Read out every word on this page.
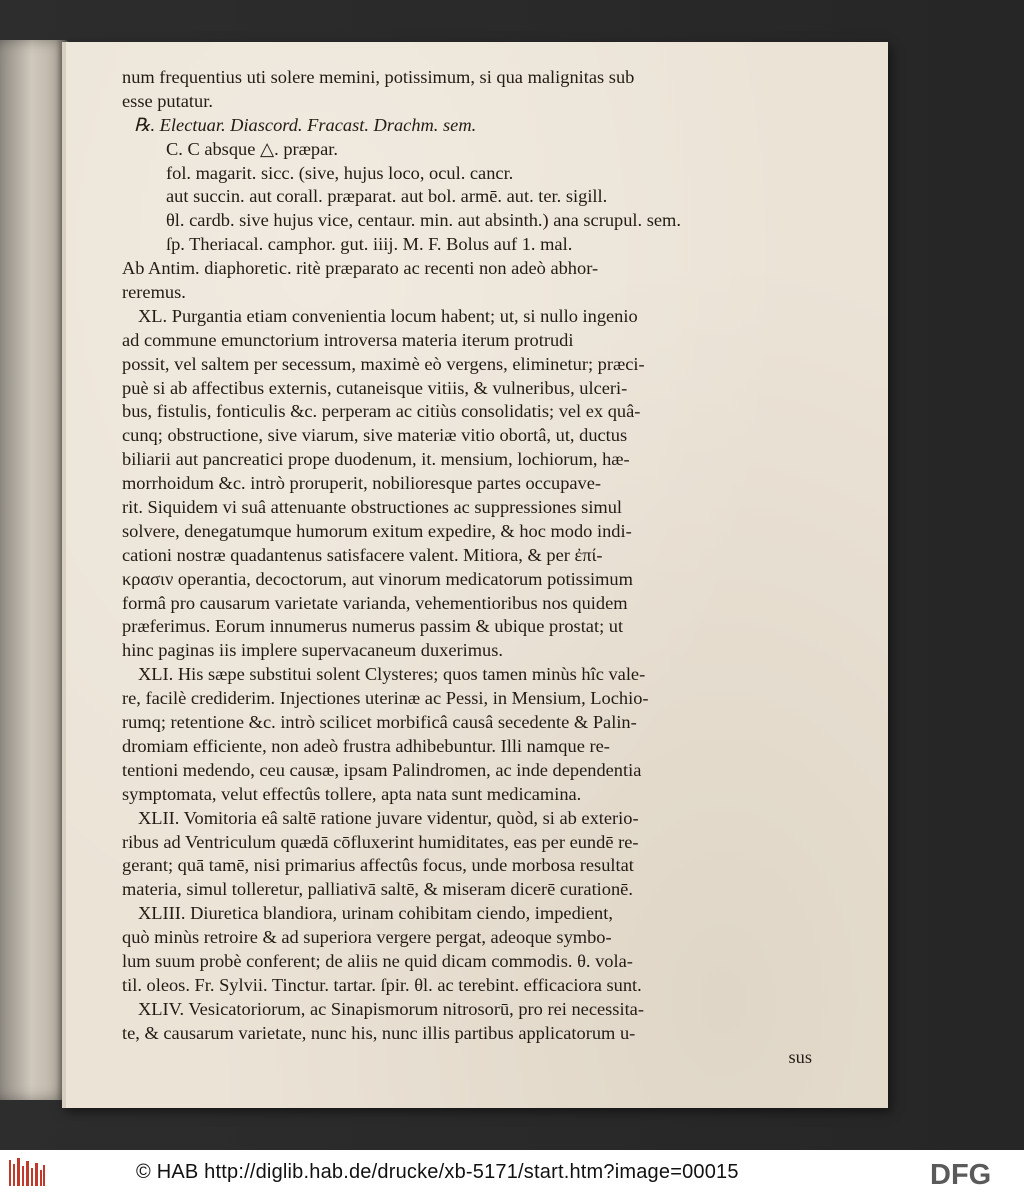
num frequentius uti solere memini, potissimum, si qua malignitas sub
esse putatur.
℞. Electuar. Diascord. Fracast. Drachm. sem.
C. C absque △. præpar.
fol. magarit. sicc. (sive, hujus loco, ocul. cancr.
aut succin. aut corall. præparat. aut bol. armē. aut. ter. sigill.
θl. cardb. sive hujus vice, centaur. min. aut absinth.) ana scrupul. sem.
ſp. Theriacal. camphor. gut. iiij. M. F. Bolus auf 1. mal.
Ab Antim. diaphoretic. ritè præparato ac recenti non adeò abhor-
reremus.
XL. Purgantia etiam convenientia locum habent; ut, si nullo ingenio
ad commune emunctorium introversa materia iterum protrudi
possit, vel saltem per secessum, maximè eò vergens, eliminetur; præci-
puè si ab affectibus externis, cutaneisque vitiis, & vulneribus, ulceri-
bus, fistulis, fonticulis &c. perperam ac citiùs consolidatis; vel ex quâ-
cunq; obstructione, sive viarum, sive materiæ vitio obortâ, ut, ductus
biliarii aut pancreatici prope duodenum, it. mensium, lochiorum, hæ-
morrhoidum &c. intrò proruperit, nobilioresque partes occupave-
rit. Siquidem vi suâ attenuante obstructiones ac suppressiones simul
solvere, denegatumque humorum exitum expedire, & hoc modo indi-
cationi nostræ quadantenus satisfacere valent. Mitiora, & per ἐπί-
κρασιν operantia, decoctorum, aut vinorum medicatorum potissimum
formâ pro causarum varietate varianda, vehementioribus nos quidem
præferimus. Eorum innumerus numerus passim & ubique prostat; ut
hinc paginas iis implere supervacaneum duxerimus.
XLI. His sæpe substitui solent Clysteres; quos tamen minùs hîc vale-
re, facilè crediderim. Injectiones uterinæ ac Pessi, in Mensium, Lochio-
rumq; retentione &c. intrò scilicet morbificâ causâ secedente & Palin-
dromiam efficiente, non adeò frustra adhibebuntur. Illi namque re-
tentioni medendo, ceu causæ, ipsam Palindromen, ac inde dependentia
symptomata, velut effectûs tollere, apta nata sunt medicamina.
XLII. Vomitoria eâ saltē ratione juvare videntur, quòd, si ab exterio-
ribus ad Ventriculum quædā cōfluxerint humiditates, eas per eundē re-
gerant; quā tamē, nisi primarius affectûs focus, unde morbosa resultat
materia, simul tolleretur, palliativā saltē, & miseram dicerē curationē.
XLIII. Diuretica blandiora, urinam cohibitam ciendo, impedient,
quò minùs retroire & ad superiora vergere pergat, adeoque symbo-
lum suum probè conferent; de aliis ne quid dicam commodis. θ. vola-
til. oleos. Fr. Sylvii. Tinctur. tartar. ſpir. θl. ac terebint. efficaciora sunt.
XLIV. Vesicatoriorum, ac Sinapismorum nitrosorū, pro rei necessita-
te, & causarum varietate, nunc his, nunc illis partibus applicatorum u-
sus
© HAB http://diglib.hab.de/drucke/xb-5171/start.htm?image=00015	DFG
